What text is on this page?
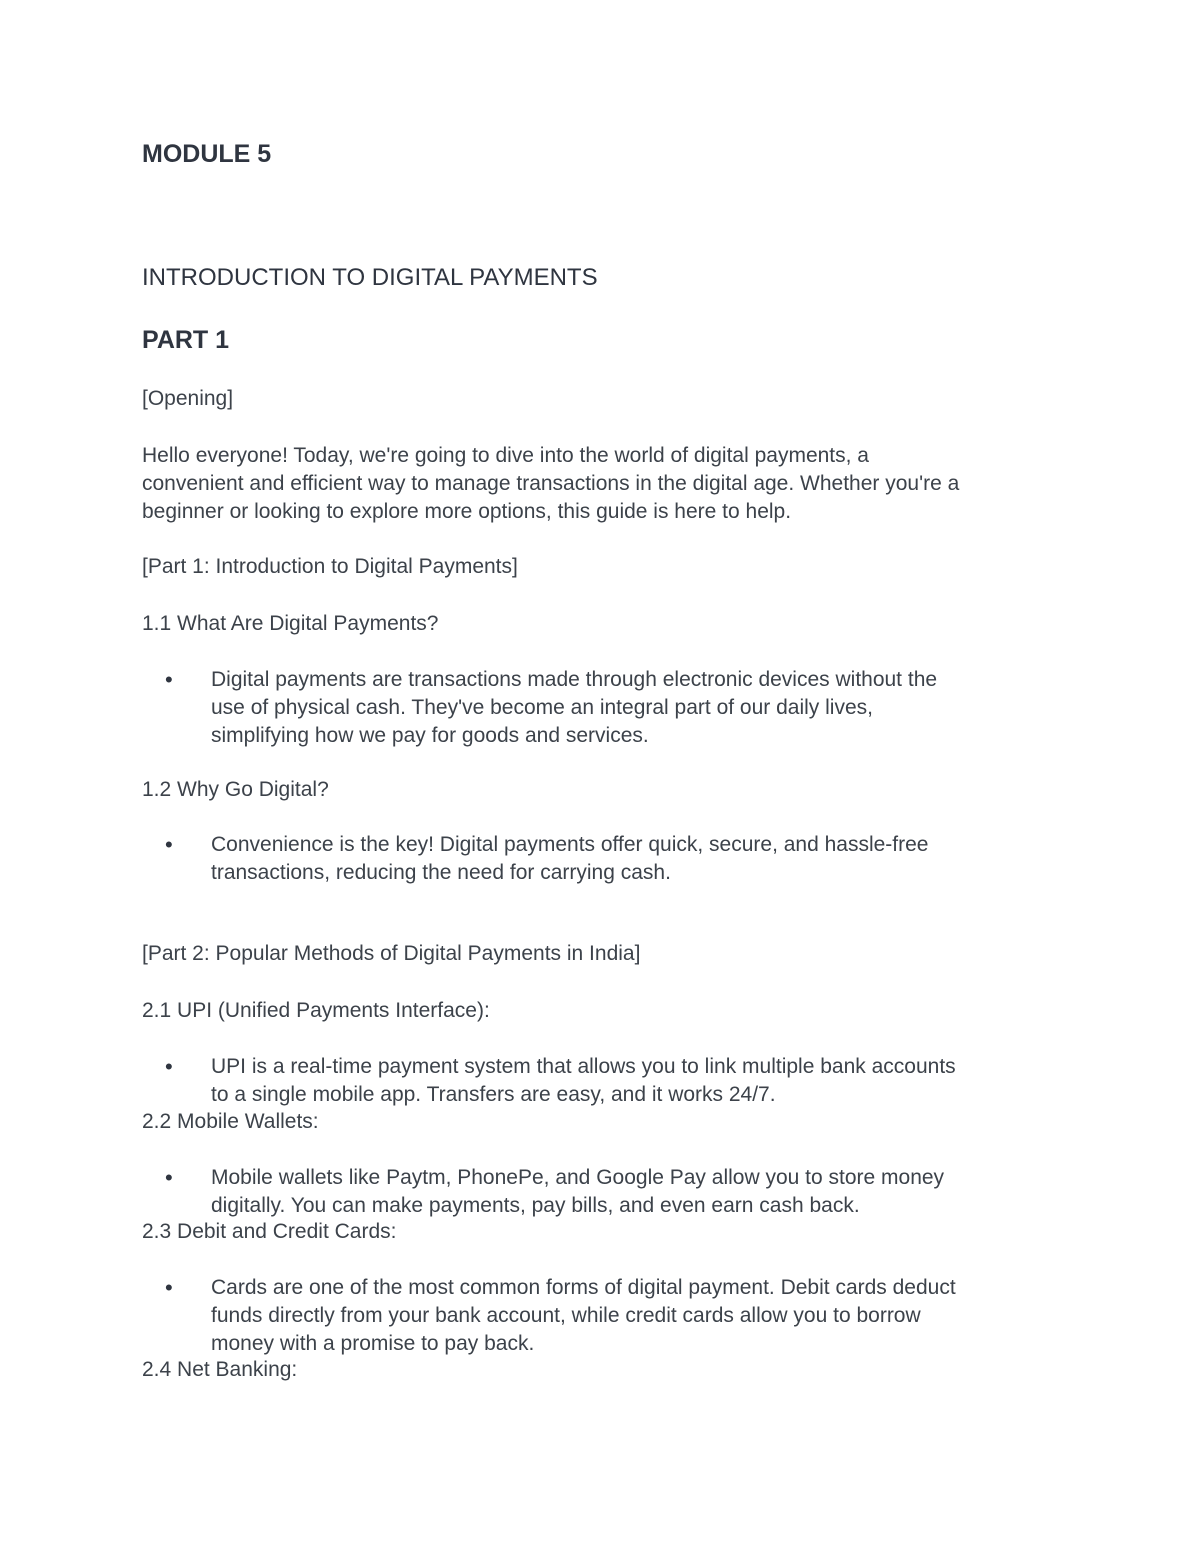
MODULE 5
INTRODUCTION TO DIGITAL PAYMENTS
PART 1
[Opening]
Hello everyone! Today, we're going to dive into the world of digital payments, a
convenient and efficient way to manage transactions in the digital age. Whether you're a
beginner or looking to explore more options, this guide is here to help.
[Part 1: Introduction to Digital Payments]
1.1 What Are Digital Payments?
• Digital payments are transactions made through electronic devices without the
use of physical cash. They've become an integral part of our daily lives,
simplifying how we pay for goods and services.
1.2 Why Go Digital?
• Convenience is the key! Digital payments offer quick, secure, and hassle-free
transactions, reducing the need for carrying cash.
[Part 2: Popular Methods of Digital Payments in India]
2.1 UPI (Unified Payments Interface):
• UPI is a real-time payment system that allows you to link multiple bank accounts
to a single mobile app. Transfers are easy, and it works 24/7.
2.2 Mobile Wallets:
• Mobile wallets like Paytm, PhonePe, and Google Pay allow you to store money
digitally. You can make payments, pay bills, and even earn cash back.
2.3 Debit and Credit Cards:
• Cards are one of the most common forms of digital payment. Debit cards deduct
funds directly from your bank account, while credit cards allow you to borrow
money with a promise to pay back.
2.4 Net Banking:
